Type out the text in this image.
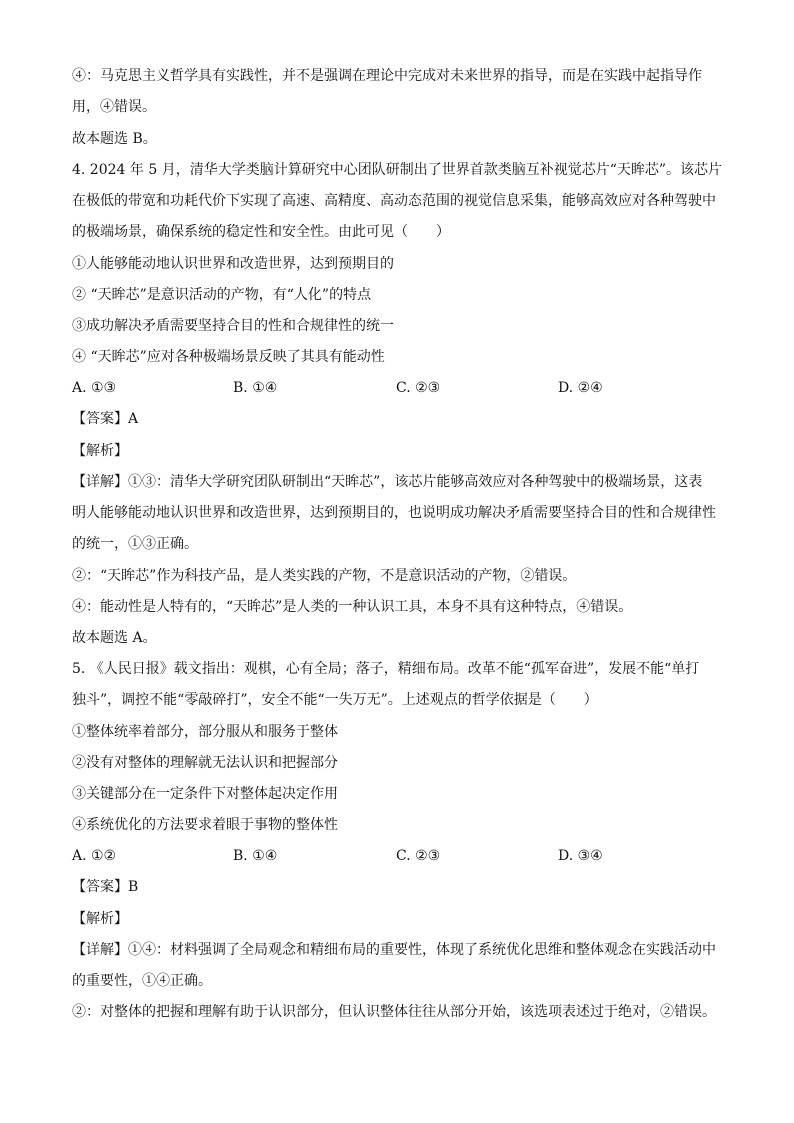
④：马克思主义哲学具有实践性，并不是强调在理论中完成对未来世界的指导，而是在实践中起指导作
用，④错误。
故本题选 B。
4. 2024 年 5 月，清华大学类脑计算研究中心团队研制出了世界首款类脑互补视觉芯片“天眸芯”。该芯片
在极低的带宽和功耗代价下实现了高速、高精度、高动态范围的视觉信息采集，能够高效应对各种驾驶中
的极端场景，确保系统的稳定性和安全性。由此可见（　　）
①人能够能动地认识世界和改造世界，达到预期目的
② “天眸芯”是意识活动的产物，有“人化”的特点
③成功解决矛盾需要坚持合目的性和合规律性的统一
④ “天眸芯”应对各种极端场景反映了其具有能动性
A. ①③	B. ①④	C. ②③	D. ②④
【答案】A
【解析】
【详解】①③：清华大学研究团队研制出“天眸芯”，该芯片能够高效应对各种驾驶中的极端场景，这表
明人能够能动地认识世界和改造世界，达到预期目的，也说明成功解决矛盾需要坚持合目的性和合规律性
的统一，①③正确。
②：“天眸芯”作为科技产品，是人类实践的产物，不是意识活动的产物，②错误。
④：能动性是人特有的，“天眸芯”是人类的一种认识工具，本身不具有这种特点，④错误。
故本题选 A。
5. 《人民日报》载文指出：观棋，心有全局；落子，精细布局。改革不能“孤军奋进”，发展不能“单打
独斗”，调控不能“零敲碎打”，安全不能“一失万无”。上述观点的哲学依据是（　　）
①整体统率着部分，部分服从和服务于整体
②没有对整体的理解就无法认识和把握部分
③关键部分在一定条件下对整体起决定作用
④系统优化的方法要求着眼于事物的整体性
A. ①②	B. ①④	C. ②③	D. ③④
【答案】B
【解析】
【详解】①④：材料强调了全局观念和精细布局的重要性，体现了系统优化思维和整体观念在实践活动中
的重要性，①④正确。
②：对整体的把握和理解有助于认识部分，但认识整体往往从部分开始，该选项表述过于绝对，②错误。
